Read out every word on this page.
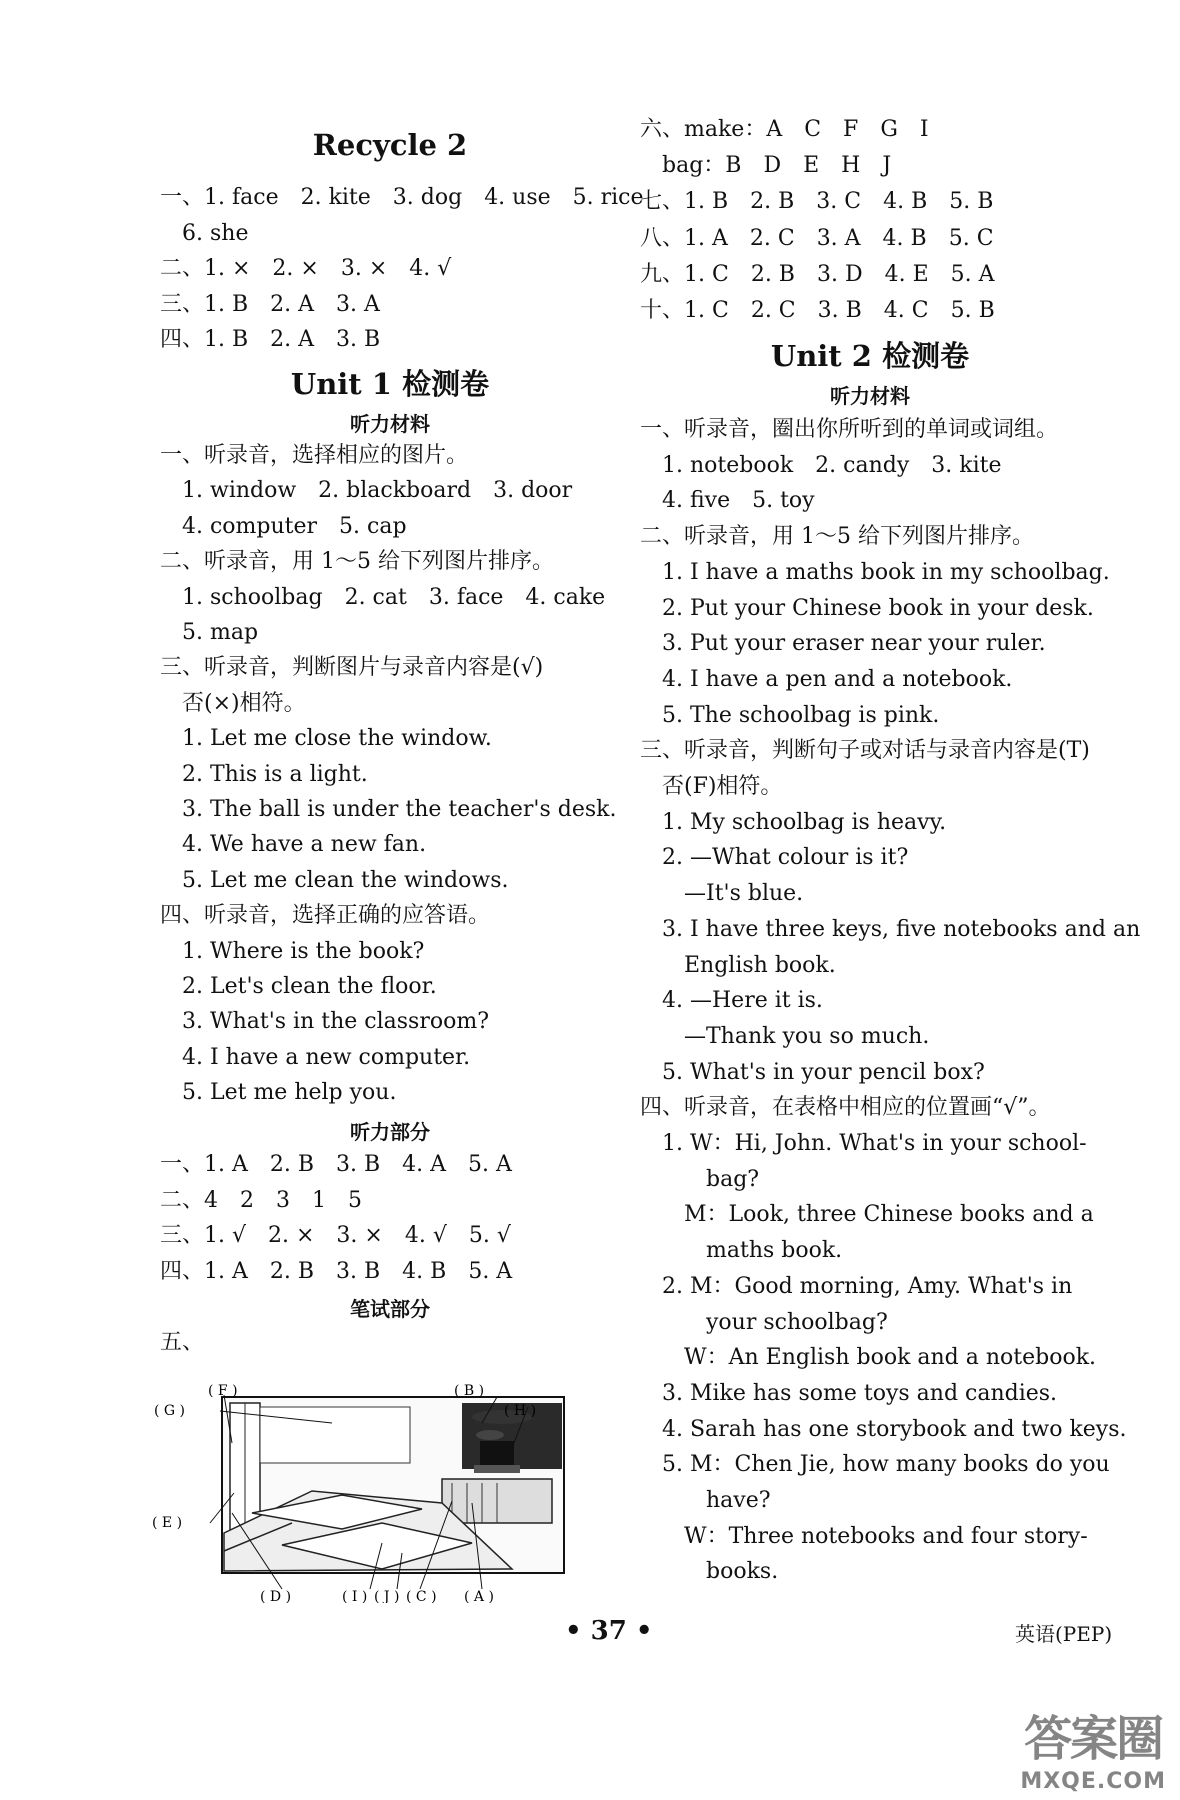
Recycle 2
一、1. face　2. kite　3. dog　4. use　5. rice
　6. she
二、1. ×　2. ×　3. ×　4. √
三、1. B　2. A　3. A
四、1. B　2. A　3. B
Unit 1 检测卷
听力材料
一、听录音，选择相应的图片。
　1. window　2. blackboard　3. door
　4. computer　5. cap
二、听录音，用 1～5 给下列图片排序。
　1. schoolbag　2. cat　3. face　4. cake
　5. map
三、听录音，判断图片与录音内容是(√)
　否(×)相符。
　1. Let me close the window.
　2. This is a light.
　3. The ball is under the teacher's desk.
　4. We have a new fan.
　5. Let me clean the windows.
四、听录音，选择正确的应答语。
　1. Where is the book?
　2. Let's clean the floor.
　3. What's in the classroom?
　4. I have a new computer.
　5. Let me help you.
听力部分
一、1. A　2. B　3. B　4. A　5. A
二、4　2　3　1　5
三、1. √　2. ×　3. ×　4. √　5. √
四、1. A　2. B　3. B　4. B　5. A
笔试部分
五、
( F )	( B )
( G )	( H )
( E )
( D )	( I ) ( J ) ( C ) ( A )
六、make：A　C　F　G　I
　bag：B　D　E　H　J
七、1. B　2. B　3. C　4. B　5. B
八、1. A　2. C　3. A　4. B　5. C
九、1. C　2. B　3. D　4. E　5. A
十、1. C　2. C　3. B　4. C　5. B
Unit 2 检测卷
听力材料
一、听录音，圈出你所听到的单词或词组。
　1. notebook　2. candy　3. kite
　4. five　5. toy
二、听录音，用 1～5 给下列图片排序。
　1. I have a maths book in my schoolbag.
　2. Put your Chinese book in your desk.
　3. Put your eraser near your ruler.
　4. I have a pen and a notebook.
　5. The schoolbag is pink.
三、听录音，判断句子或对话与录音内容是(T)
　否(F)相符。
　1. My schoolbag is heavy.
　2. —What colour is it?
　　—It's blue.
　3. I have three keys, five notebooks and an
　　English book.
　4. —Here it is.
　　—Thank you so much.
　5. What's in your pencil box?
四、听录音，在表格中相应的位置画“√”。
　1. W：Hi, John. What's in your school-
　　　bag?
　　M：Look, three Chinese books and a
　　　maths book.
　2. M：Good morning, Amy. What's in
　　　your schoolbag?
　　W：An English book and a notebook.
　3. Mike has some toys and candies.
　4. Sarah has one storybook and two keys.
　5. M：Chen Jie, how many books do you
　　　have?
　　W：Three notebooks and four story-
　　　books.
• 37 •	英语(PEP)
答案圈
MXQE.COM
